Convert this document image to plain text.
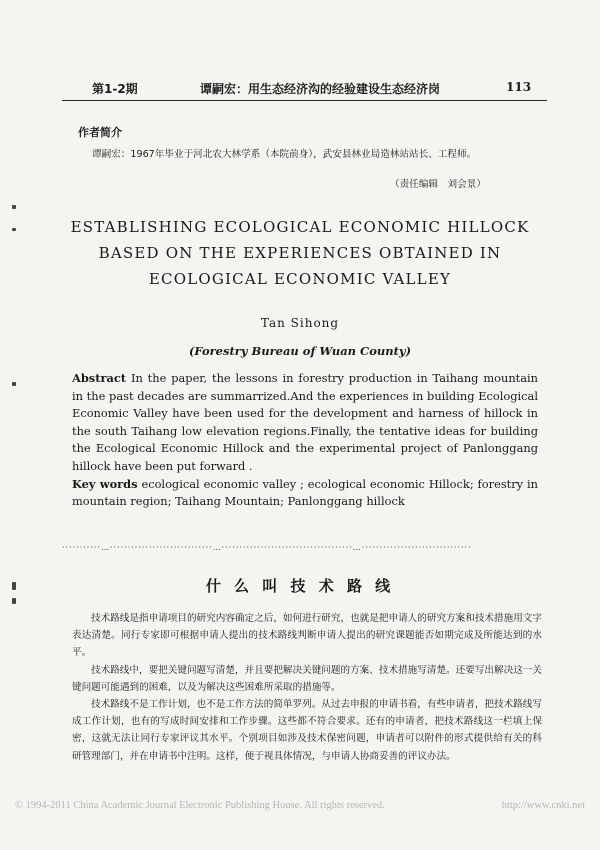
第1-2期	谭嗣宏：用生态经济沟的经验建设生态经济岗	113
作者简介
谭嗣宏：1967年毕业于河北农大林学系（本院前身），武安县林业局造林站站长、工程师。
（责任编辑　刘会景）
ESTABLISHING ECOLOGICAL ECONOMIC HILLOCK
BASED ON THE EXPERIENCES OBTAINED IN
ECOLOGICAL ECONOMIC VALLEY
Tan Sihong
(Forestry Bureau of Wuan County)
Abstract In the paper, the lessons in forestry production in Taihang mountain in the past decades are summarrized.And the experiences in building Ecological Economic Valley have been used for the development and harness of hillock in the south Taihang low elevation regions.Finally, the tentative ideas for building the Ecological Economic Hillock and the experimental project of Panlonggang hillock have been put forward .
Key words ecological economic valley ; ecological economic Hillock; forestry in mountain region; Taihang Mountain; Panlonggang hillock
···········…·····························…·····································…·······························
什 么 叫 技 术 路 线

技术路线是指申请项目的研究内容确定之后，如何进行研究，也就是把申请人的研究方案和技术措施用文字表达清楚。同行专家即可根据申请人提出的技术路线判断申请人提出的研究课题能否如期完成及所能达到的水平。

技术路线中，要把关键问题写清楚，并且要把解决关键问题的方案、技术措施写清楚。还要写出解决这一关键问题可能遇到的困难，以及为解决这些困难所采取的措施等。

技术路线不是工作计划，也不是工作方法的简单罗列。从过去申报的申请书看，有些申请者，把技术路线写成工作计划，也有的写成时间安排和工作步骤。这些都不符合要求。还有的申请者，把技术路线这一栏填上保密，这就无法让同行专家评议其水平。个别项目如涉及技术保密问题，申请者可以附件的形式提供给有关的科研管理部门，并在申请书中注明。这样，便于视具体情况，与申请人协商妥善的评议办法。

© 1994-2011 China Academic Journal Electronic Publishing House. All rights reserved.	http://www.cnki.net
